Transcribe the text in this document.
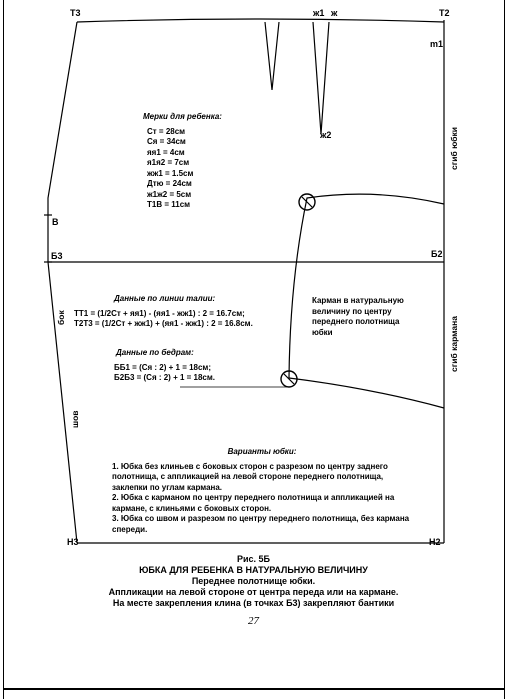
Т3	Т2
ж1 ж
m1
ж2
В
Б3	Б2
Н3	Н2
сгиб юбки
сгиб кармана
бок
шов
Мерки для ребенка:
Ст = 28см
Ся = 34см
яя1 = 4см
я1я2 = 7см
жж1 = 1.5см
Дтю = 24см
ж1ж2 = 5см
Т1В = 11см
Данные по линии талии:
ТТ1 = (1/2Ст + яя1) - (яя1 - жж1) : 2 = 16.7см;
Т2Т3 = (1/2Ст + жж1) + (яя1 - жж1) : 2 = 16.8см.
Данные по бедрам:
ББ1 = (Ся : 2) + 1 = 18см;
Б2Б3 = (Ся : 2) + 1 = 18см.
Карман в натуральную величину по центру переднего полотнища юбки
Варианты юбки:
1. Юбка без клиньев с боковых сторон с разрезом по центру заднего полотнища, с аппликацией на левой стороне переднего полотнища, заклепки по углам кармана.
2. Юбка с карманом по центру переднего полотнища и аппликацией на кармане, с клиньями с боковых сторон.
3. Юбка со швом и разрезом по центру переднего полотнища, без кармана спереди.
Рис. 5Б
ЮБКА ДЛЯ РЕБЕНКА В НАТУРАЛЬНУЮ ВЕЛИЧИНУ
Переднее полотнище юбки.
Аппликации на левой стороне от центра переда или на кармане.
На месте закрепления клина (в точках Б3) закрепляют бантики
27
